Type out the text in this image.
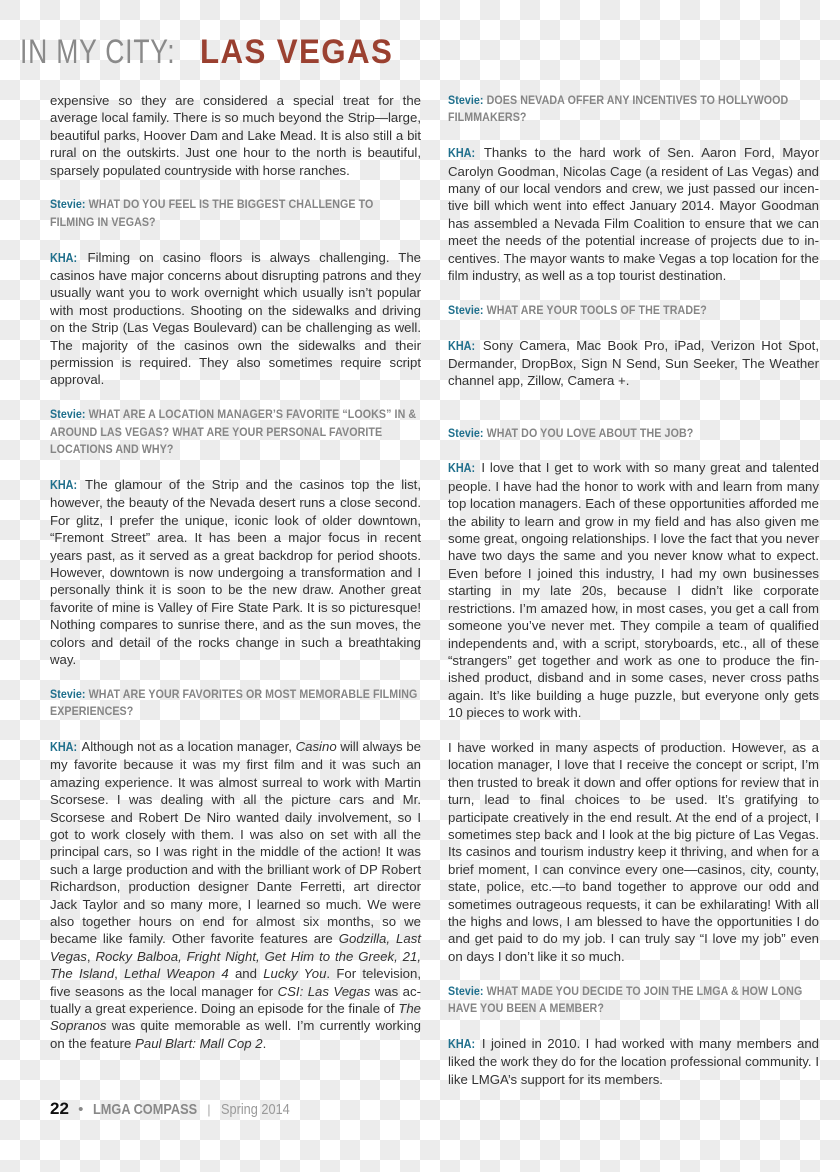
IN MY CITY: LAS VEGAS

expensive so they are considered a special treat for the average local family. There is so much beyond the Strip—large, beautiful parks, Hoover Dam and Lake Mead. It is also still a bit rural on the outskirts. Just one hour to the north is beautiful, sparsely populated countryside with horse ranches.

Stevie: WHAT DO YOU FEEL IS THE BIGGEST CHALLENGE TO FILMING IN VEGAS?

KHA: Filming on casino floors is always challenging. The casinos have major concerns about disrupting patrons and they usually want you to work overnight which usually isn’t popular with most productions. Shooting on the sidewalks and driving on the Strip (Las Vegas Boulevard) can be challenging as well. The majority of the casinos own the sidewalks and their permission is required. They also sometimes require script approval.

Stevie: WHAT ARE A LOCATION MANAGER’S FAVORITE “LOOKS” IN & AROUND LAS VEGAS? WHAT ARE YOUR PERSONAL FAVORITE LOCATIONS AND WHY?

KHA: The glamour of the Strip and the casinos top the list, however, the beauty of the Nevada desert runs a close second. For glitz, I prefer the unique, iconic look of older downtown, “Fremont Street” area. It has been a major focus in recent years past, as it served as a great backdrop for period shoots. However, downtown is now undergoing a transformation and I personally think it is soon to be the new draw. Another great favorite of mine is Valley of Fire State Park. It is so picturesque! Nothing compares to sunrise there, and as the sun moves, the colors and detail of the rocks change in such a breathtaking way.

Stevie: WHAT ARE YOUR FAVORITES OR MOST MEMORABLE FILMING EXPERIENCES?

KHA: Although not as a location manager, Casino will always be my favorite because it was my first film and it was such an amazing experience. It was almost surreal to work with Martin Scorsese. I was dealing with all the picture cars and Mr. Scorsese and Robert De Niro wanted daily involvement, so I got to work closely with them. I was also on set with all the principal cars, so I was right in the middle of the action! It was such a large production and with the brilliant work of DP Robert Richardson, production designer Dante Ferretti, art director Jack Taylor and so many more, I learned so much. We were also together hours on end for almost six months, so we became like family. Other favorite features are Godzilla, Last Vegas, Rocky Balboa, Fright Night, Get Him to the Greek, 21, The Island, Lethal Weapon 4 and Lucky You. For television, five seasons as the local manager for CSI: Las Vegas was actually a great experience. Doing an episode for the finale of The Sopranos was quite memorable as well. I’m currently working on the feature Paul Blart: Mall Cop 2.

Stevie: DOES NEVADA OFFER ANY INCENTIVES TO HOLLYWOOD FILMMAKERS?

KHA: Thanks to the hard work of Sen. Aaron Ford, Mayor Carolyn Goodman, Nicolas Cage (a resident of Las Vegas) and many of our local vendors and crew, we just passed our incentive bill which went into effect January 2014. Mayor Goodman has assembled a Nevada Film Coalition to ensure that we can meet the needs of the potential increase of projects due to incentives. The mayor wants to make Vegas a top location for the film industry, as well as a top tourist destination.

Stevie: WHAT ARE YOUR TOOLS OF THE TRADE?

KHA: Sony Camera, Mac Book Pro, iPad, Verizon Hot Spot, Dermander, DropBox, Sign N Send, Sun Seeker, The Weather channel app, Zillow, Camera +.

Stevie: WHAT DO YOU LOVE ABOUT THE JOB?

KHA: I love that I get to work with so many great and talented people. I have had the honor to work with and learn from many top location managers. Each of these opportunities afforded me the ability to learn and grow in my field and has also given me some great, ongoing relationships. I love the fact that you never have two days the same and you never know what to expect. Even before I joined this industry, I had my own businesses starting in my late 20s, because I didn’t like corporate restrictions. I’m amazed how, in most cases, you get a call from someone you’ve never met. They compile a team of qualified independents and, with a script, storyboards, etc., all of these “strangers” get together and work as one to produce the finished product, disband and in some cases, never cross paths again. It’s like building a huge puzzle, but everyone only gets 10 pieces to work with.

I have worked in many aspects of production. However, as a location manager, I love that I receive the concept or script, I’m then trusted to break it down and offer options for review that in turn, lead to final choices to be used. It’s gratifying to participate creatively in the end result. At the end of a project, I sometimes step back and I look at the big picture of Las Vegas. Its casinos and tourism industry keep it thriving, and when for a brief moment, I can convince every one—casinos, city, county, state, police, etc.—to band together to approve our odd and sometimes outrageous requests, it can be exhilarating! With all the highs and lows, I am blessed to have the opportunities I do and get paid to do my job. I can truly say “I love my job” even on days I don’t like it so much.

Stevie: WHAT MADE YOU DECIDE TO JOIN THE LMGA & HOW LONG HAVE YOU BEEN A MEMBER?

KHA: I joined in 2010. I had worked with many members and liked the work they do for the location professional community. I like LMGA’s support for its members.

22 • LMGA COMPASS | Spring 2014
